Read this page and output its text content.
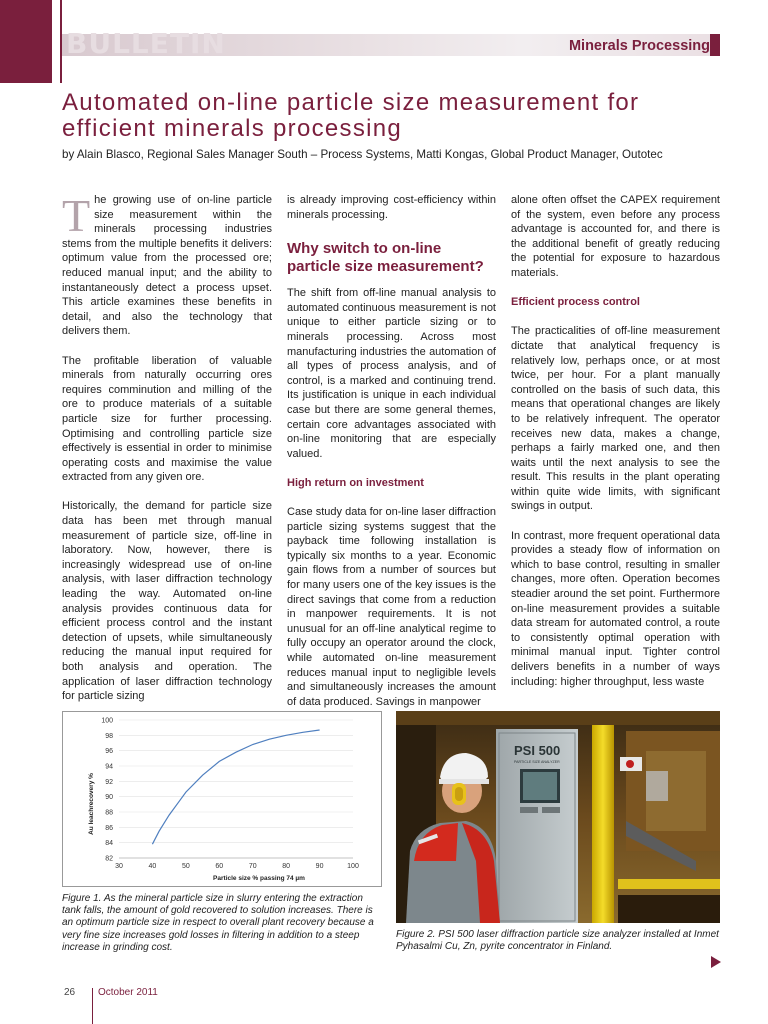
BULLETIN	Minerals Processing
Automated on-line particle size measurement for
efficient minerals processing
by Alain Blasco, Regional Sales Manager South – Process Systems, Matti Kongas, Global Product Manager, Outotec

The growing use of on-line particle size measurement within the minerals processing industries stems from the multiple benefits it delivers: optimum value from the processed ore; reduced manual input; and the ability to instantaneously detect a process upset. This article examines these benefits in detail, and also the technology that delivers them.

The profitable liberation of valuable minerals from naturally occurring ores requires comminution and milling of the ore to produce materials of a suitable particle size for further processing. Optimising and controlling particle size effectively is essential in order to minimise operating costs and maximise the value extracted from any given ore.

Historically, the demand for particle size data has been met through manual measurement of particle size, off-line in laboratory. Now, however, there is increasingly widespread use of on-line analysis, with laser diffraction technology leading the way. Automated on-line analysis provides continuous data for efficient process control and the instant detection of upsets, while simultaneously reducing the manual input required for both analysis and operation. The application of laser diffraction technology for particle sizing

is already improving cost-efficiency within minerals processing.

Why switch to on-line particle size measurement?

The shift from off-line manual analysis to automated continuous measurement is not unique to either particle sizing or to minerals processing. Across most manufacturing industries the automation of all types of process analysis, and of control, is a marked and continuing trend. Its justification is unique in each individual case but there are some general themes, certain core advantages associated with on-line monitoring that are especially valued.

High return on investment

Case study data for on-line laser diffraction particle sizing systems suggest that the payback time following installation is typically six months to a year. Economic gain flows from a number of sources but for many users one of the key issues is the direct savings that come from a reduction in manpower requirements. It is not unusual for an off-line analytical regime to fully occupy an operator around the clock, while automated on-line measurement reduces manual input to negligible levels and simultaneously increases the amount of data produced. Savings in manpower

alone often offset the CAPEX requirement of the system, even before any process advantage is accounted for, and there is the additional benefit of greatly reducing the potential for exposure to hazardous materials.

Efficient process control

The practicalities of off-line measurement dictate that analytical frequency is relatively low, perhaps once, or at most twice, per hour. For a plant manually controlled on the basis of such data, this means that operational changes are likely to be relatively infrequent. The operator receives new data, makes a change, perhaps a fairly marked one, and then waits until the next analysis to see the result. This results in the plant operating within quite wide limits, with significant swings in output.

In contrast, more frequent operational data provides a steady flow of information on which to base control, resulting in smaller changes, more often. Operation becomes steadier around the set point. Furthermore on-line measurement provides a suitable data stream for automated control, a route to consistently optimal operation with minimal manual input. Tighter control delivers benefits in a number of ways including: higher throughput, less waste

82
84
86
88
90
92
94
96
98
100
30	40	50	60	70	80	90	100
Au leachrecovery %
Particle size % passing 74 µm
Figure 1. As the mineral particle size in slurry entering the extraction tank falls, the amount of gold recovered to solution increases. There is an optimum particle size in respect to overall plant recovery because a very fine size increases gold losses in filtering in addition to a steep increase in grinding cost.
PSI 500
PARTICLE SIZE ANALYZER
Figure 2. PSI 500 laser diffraction particle size analyzer installed at Inmet Pyhasalmi Cu, Zn, pyrite concentrator in Finland.
26 October 2011
